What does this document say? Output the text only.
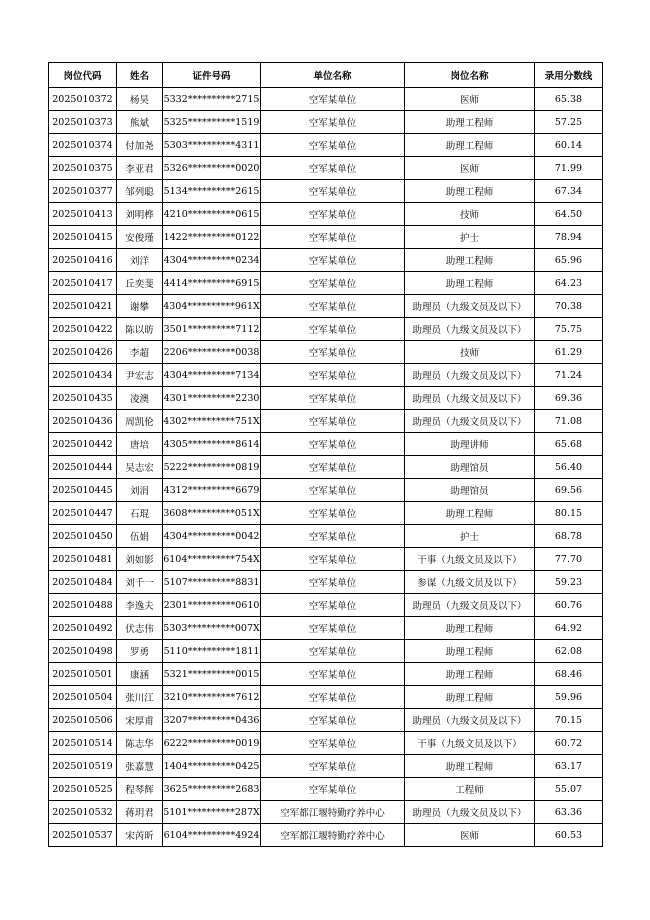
岗位代码	姓名	证件号码	单位名称	岗位名称	录用分数线
2025010372	杨昊	5332**********2715	空军某单位	医师	65.38
2025010373	熊斌	5325**********1519	空军某单位	助理工程师	57.25
2025010374	付加尧	5303**********4311	空军某单位	助理工程师	60.14
2025010375	李亚君	5326**********0020	空军某单位	医师	71.99
2025010377	邹列聪	5134**********2615	空军某单位	助理工程师	67.34
2025010413	刘明桦	4210**********0615	空军某单位	技师	64.50
2025010415	安俊瑾	1422**********0122	空军某单位	护士	78.94
2025010416	刘洋	4304**********0234	空军某单位	助理工程师	65.96
2025010417	丘奕斐	4414**********6915	空军某单位	助理工程师	64.23
2025010421	谢攀	4304**********961X	空军某单位	助理员（九级文员及以下）	70.38
2025010422	陈以昉	3501**********7112	空军某单位	助理员（九级文员及以下）	75.75
2025010426	李超	2206**********0038	空军某单位	技师	61.29
2025010434	尹宏志	4304**********7134	空军某单位	助理员（九级文员及以下）	71.24
2025010435	凌澳	4301**********2230	空军某单位	助理员（九级文员及以下）	69.36
2025010436	周凯伦	4302**********751X	空军某单位	助理员（九级文员及以下）	71.08
2025010442	唐培	4305**********8614	空军某单位	助理讲师	65.68
2025010444	吴志宏	5222**********0819	空军某单位	助理馆员	56.40
2025010445	刘涓	4312**********6679	空军某单位	助理馆员	69.56
2025010447	石琨	3608**********051X	空军某单位	助理工程师	80.15
2025010450	伍娟	4304**********0042	空军某单位	护士	68.78
2025010481	刘如影	6104**********754X	空军某单位	干事（九级文员及以下）	77.70
2025010484	刘千一	5107**********8831	空军某单位	参谋（九级文员及以下）	59.23
2025010488	李逸夫	2301**********0610	空军某单位	助理员（九级文员及以下）	60.76
2025010492	伏志伟	5303**********007X	空军某单位	助理工程师	64.92
2025010498	罗勇	5110**********1811	空军某单位	助理工程师	62.08
2025010501	康涵	5321**********0015	空军某单位	助理工程师	68.46
2025010504	张川江	3210**********7612	空军某单位	助理工程师	59.96
2025010506	宋厚甫	3207**********0436	空军某单位	助理员（九级文员及以下）	70.15
2025010514	陈志华	6222**********0019	空军某单位	干事（九级文员及以下）	60.72
2025010519	张嘉慧	1404**********0425	空军某单位	助理工程师	63.17
2025010525	程琴辉	3625**********2683	空军某单位	工程师	55.07
2025010532	蒋玥君	5101**********287X	空军都江堰特勤疗养中心	助理员（九级文员及以下）	63.36
2025010537	宋芮昕	6104**********4924	空军都江堰特勤疗养中心	医师	60.53
